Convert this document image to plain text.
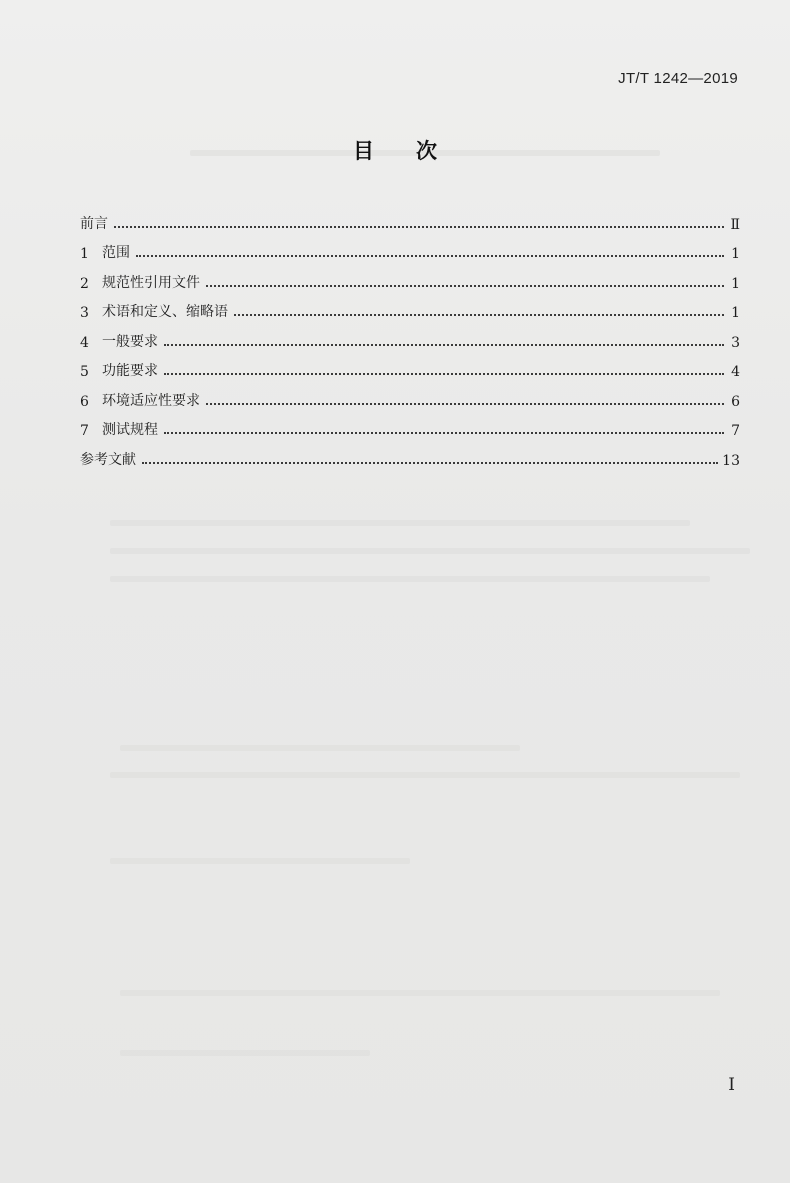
JT/T 1242—2019
目　　次
前言	Ⅱ
1 范围	1
2 规范性引用文件	1
3 术语和定义、缩略语	1
4 一般要求	3
5 功能要求	4
6 环境适应性要求	6
7 测试规程	7
参考文献	13
Ⅰ
